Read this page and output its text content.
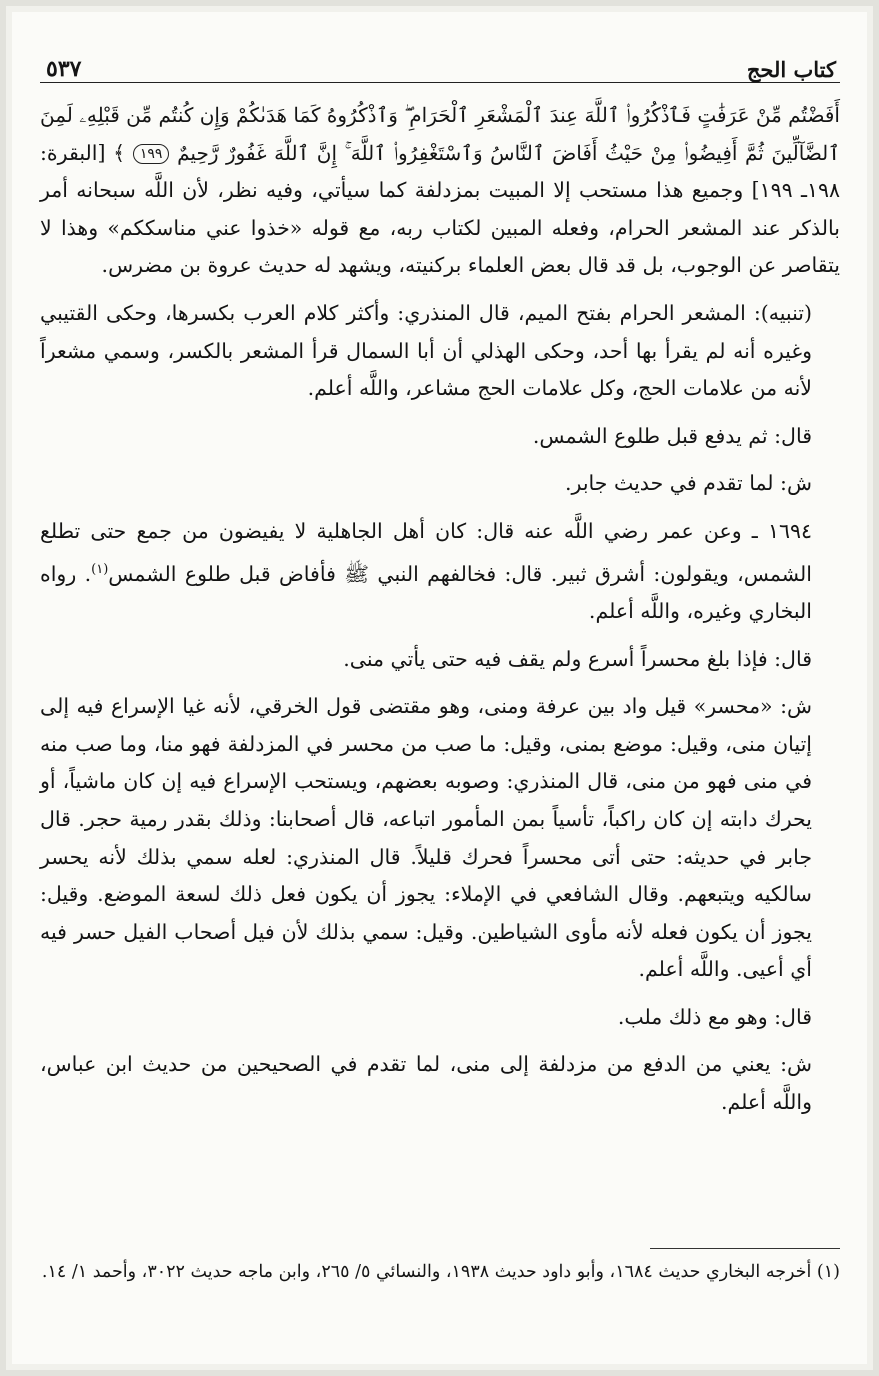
كتاب الحج
٥٣٧

أَفَضْتُم مِّنْ عَرَفَٰتٍ فَٱذْكُرُوا۟ ٱللَّهَ عِندَ ٱلْمَشْعَرِ ٱلْحَرَامِ ۖ وَٱذْكُرُوهُ كَمَا هَدَىٰكُمْ وَإِن كُنتُم مِّن قَبْلِهِۦ لَمِنَ ٱلضَّآلِّينَ ثُمَّ أَفِيضُوا۟ مِنْ حَيْثُ أَفَاضَ ٱلنَّاسُ وَٱسْتَغْفِرُوا۟ ٱللَّهَ ۚ إِنَّ ٱللَّهَ غَفُورٌ رَّحِيمٌ ١٩٩ ﴾ [البقرة: ١٩٨ـ ١٩٩] وجميع هذا مستحب إلا المبيت بمزدلفة كما سيأتي، وفيه نظر، لأن اللَّه سبحانه أمر بالذكر عند المشعر الحرام، وفعله المبين لكتاب ربه، مع قوله «خذوا عني مناسككم» وهذا لا يتقاصر عن الوجوب، بل قد قال بعض العلماء بركنيته، ويشهد له حديث عروة بن مضرس.

(تنبيه): المشعر الحرام بفتح الميم، قال المنذري: وأكثر كلام العرب بكسرها، وحكى القتيبي وغيره أنه لم يقرأ بها أحد، وحكى الهذلي أن أبا السمال قرأ المشعر بالكسر، وسمي مشعراً لأنه من علامات الحج، وكل علامات الحج مشاعر، واللَّه أعلم.

قال: ثم يدفع قبل طلوع الشمس.

ش: لما تقدم في حديث جابر.

١٦٩٤ ـ وعن عمر رضي اللَّه عنه قال: كان أهل الجاهلية لا يفيضون من جمع حتى تطلع الشمس، ويقولون: أشرق ثبير. قال: فخالفهم النبي ﷺ فأفاض قبل طلوع الشمس$^{(١)}$. رواه البخاري وغيره، واللَّه أعلم.

قال: فإذا بلغ محسراً أسرع ولم يقف فيه حتى يأتي منى.

ش: «محسر» قيل واد بين عرفة ومنى، وهو مقتضى قول الخرقي، لأنه غيا الإسراع فيه إلى إتيان منى، وقيل: موضع بمنى، وقيل: ما صب من محسر في المزدلفة فهو منا، وما صب منه في منى فهو من منى، قال المنذري: وصوبه بعضهم، ويستحب الإسراع فيه إن كان ماشياً، أو يحرك دابته إن كان راكباً، تأسياً بمن المأمور اتباعه، قال أصحابنا: وذلك بقدر رمية حجر. قال جابر في حديثه: حتى أتى محسراً فحرك قليلاً. قال المنذري: لعله سمي بذلك لأنه يحسر سالكيه ويتبعهم. وقال الشافعي في الإملاء: يجوز أن يكون فعل ذلك لسعة الموضع. وقيل: يجوز أن يكون فعله لأنه مأوى الشياطين. وقيل: سمي بذلك لأن فيل أصحاب الفيل حسر فيه أي أعيى. واللَّه أعلم.

قال: وهو مع ذلك ملب.

ش: يعني من الدفع من مزدلفة إلى منى، لما تقدم في الصحيحين من حديث ابن عباس، واللَّه أعلم.

(١) أخرجه البخاري حديث ١٦٨٤، وأبو داود حديث ١٩٣٨، والنسائي ٥/ ٢٦٥، وابن ماجه حديث ٣٠٢٢، وأحمد ١/ ١٤.
